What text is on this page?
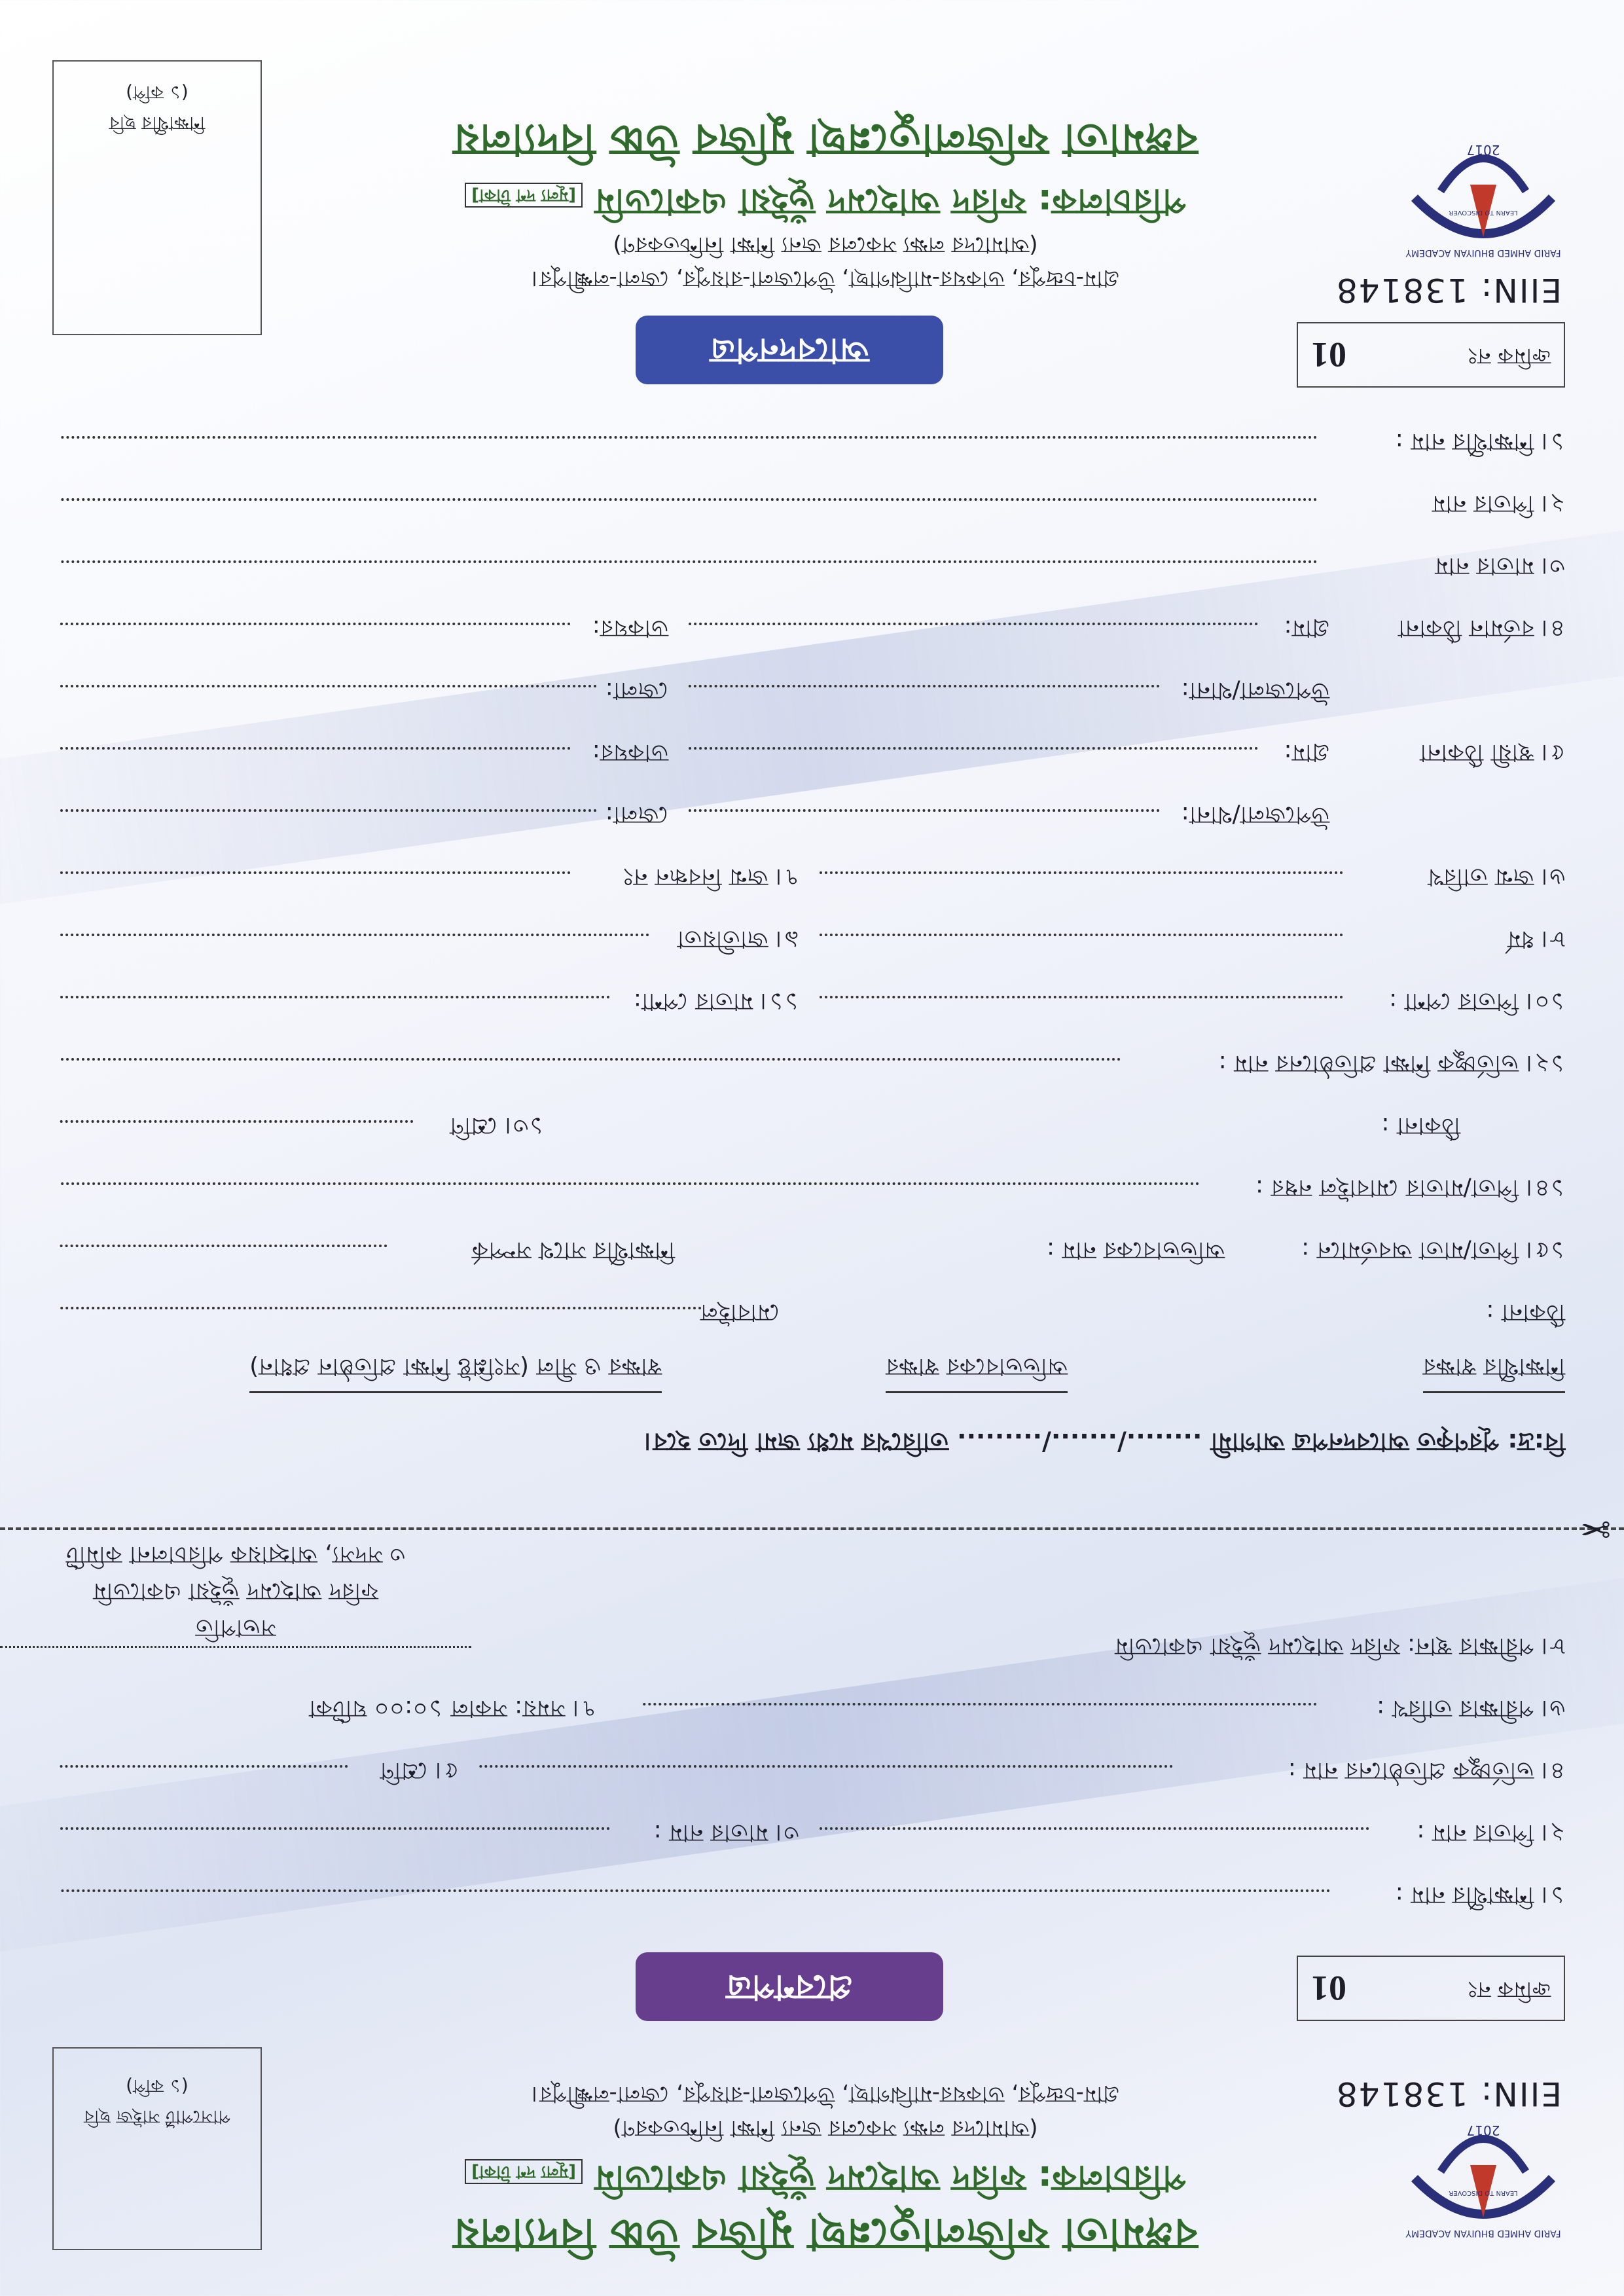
2017
FARID AHMED BHUIYAN ACADEMY
LEARN TO DISCOVER
EIIN: 138148
বঙ্গমাতা ফজিলাতুন্নেছা মুজিব উচ্চ বিদ্যালয়
পরিচালক: ফরিদ আহমেদ ভূঁইয়া একাডেমি [মূল্য দশ টাকা]
(আমাদের লক্ষ্য সকলের জন্য শিক্ষা নিশ্চিতকরণ)
গ্রাম-চন্দ্রপুর, ডাকঘর-মাঝিগাছা, উপজেলা-রায়পুর, জেলা-লক্ষ্মীপুর।
পাসপোর্ট সাইজ ছবি
(১ কপি)
ক্রমিক নং
01
প্রবেশপত্র
১। শিক্ষার্থীর নাম :
২। পিতার নাম :
৩। মাতার নাম :
৪। ভর্তিচ্ছুক প্রতিষ্ঠানের নাম :
৫। শ্রেণি
৬। পরীক্ষার তারিখ :
৭। সময়: সকাল ১০:০০ ঘটিকা
৮। পরীক্ষার স্থান: ফরিদ আহমেদ ভূঁইয়া একাডেমি
সভাপতি
ফরিদ আহমেদ ভূঁইয়া একাডেমি
৩ সদস্য, আহ্বায়ক পরিচালনা কমিটি
✂
বি:দ্র: পূরণকৃত আবেদনপত্র আগামী ......../......./......... তারিখের মধ্যে জমা দিতে হবে।
শিক্ষার্থীর স্বাক্ষর
অভিভাবকের স্বাক্ষর
স্বাক্ষর ও সীল (সংশ্লিষ্ট শিক্ষা প্রতিষ্ঠান প্রধান)
ঠিকানা :
মোবাইল
১৫। পিতা/মাতা অবর্তমানে :
অভিভাবকের নাম :
শিক্ষার্থীর সাথে সম্পর্ক
১৪। পিতা/মাতার মোবাইল নম্বর :
ঠিকানা :
১৩। শ্রেণি
১২। ভর্তিচ্ছুক শিক্ষা প্রতিষ্ঠানের নাম :
১০। পিতার পেশা :
১১। মাতার পেশা:
৮। ধর্ম
৯। জাতীয়তা
৬। জন্ম তারিখ
৭। জন্ম নিবন্ধন নং
উপজেলা/থানা:
জেলা:
৫। স্থায়ী ঠিকানা
গ্রাম:
ডাকঘর:
উপজেলা/থানা:
জেলা:
৪। বর্তমান ঠিকানা
গ্রাম:
ডাকঘর:
৩। মাতার নাম
২। পিতার নাম
১। শিক্ষার্থীর নাম :
ক্রমিক নং
01
আবেদনপত্র
2017
FARID AHMED BHUIYAN ACADEMY
LEARN TO DISCOVER
EIIN: 138148
গ্রাম-চন্দ্রপুর, ডাকঘর-মাঝিগাছা, উপজেলা-রায়পুর, জেলা-লক্ষ্মীপুর।
(আমাদের লক্ষ্য সকলের জন্য শিক্ষা নিশ্চিতকরণ)
পরিচালক: ফরিদ আহমেদ ভূঁইয়া একাডেমি [মূল্য দশ টাকা]
বঙ্গমাতা ফজিলাতুন্নেছা মুজিব উচ্চ বিদ্যালয়
শিক্ষার্থীর ছবি
(১ কপি)
